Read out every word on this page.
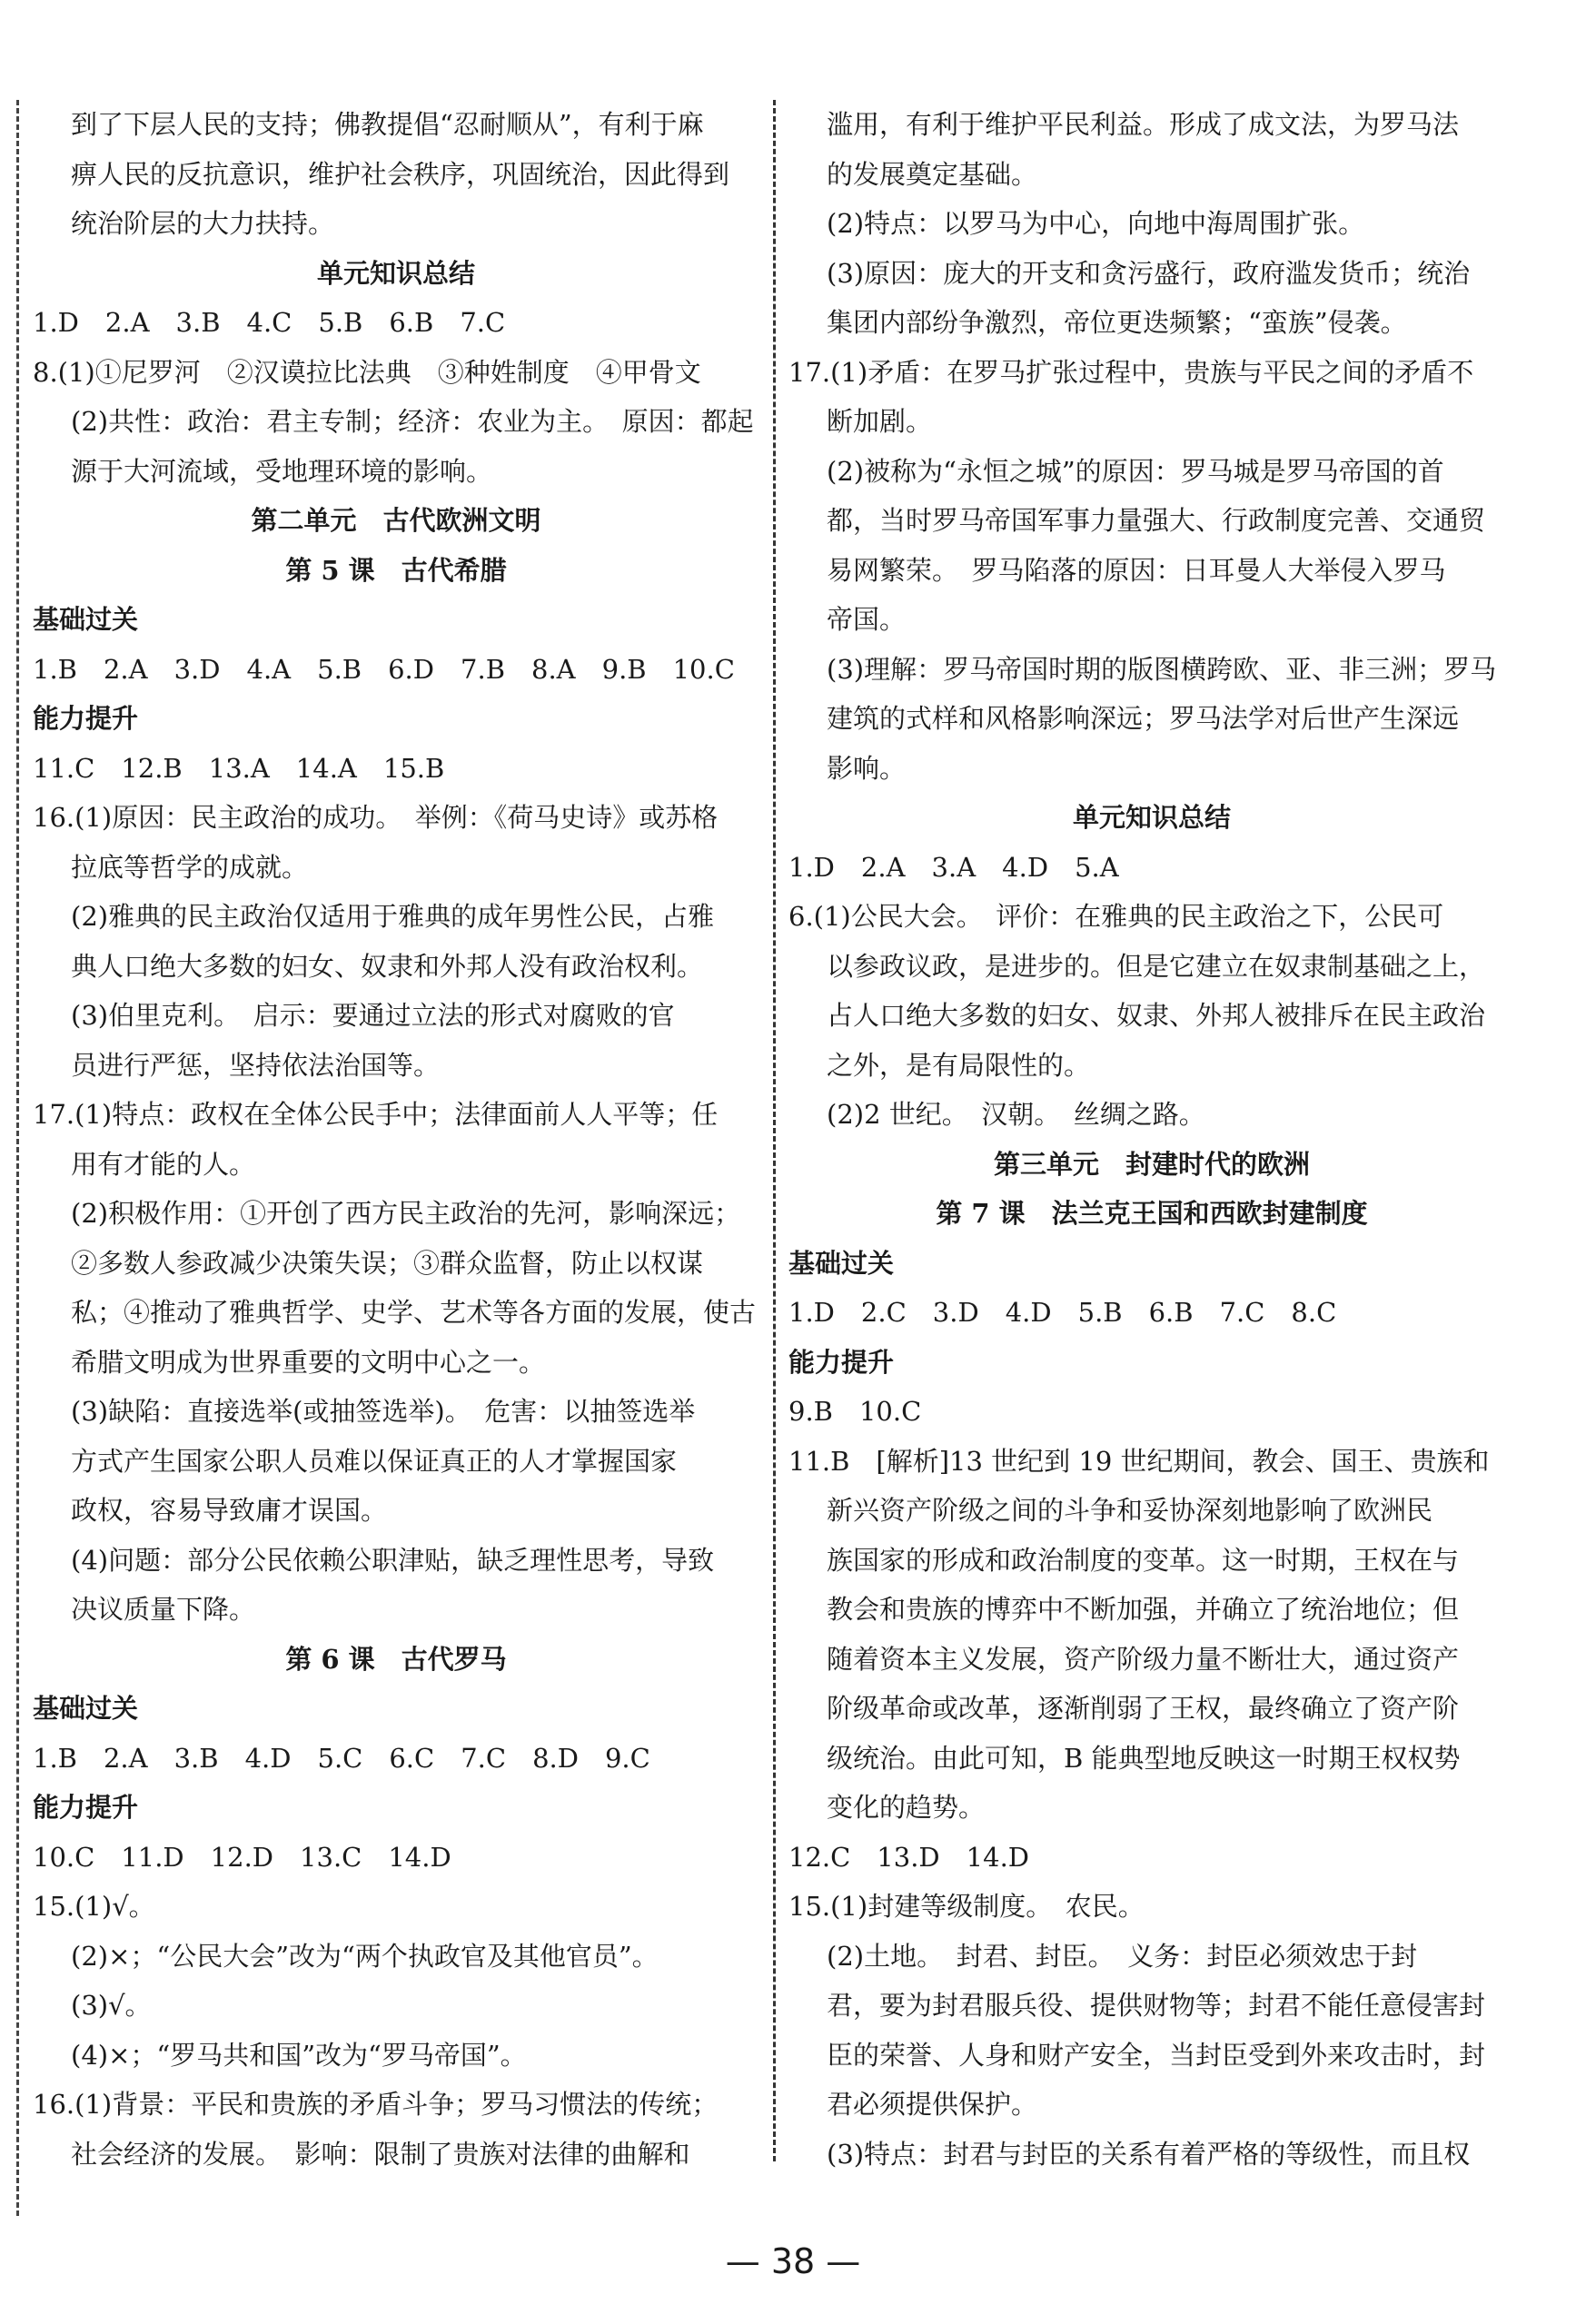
到了下层人民的支持；佛教提倡“忍耐顺从”，有利于麻
痹人民的反抗意识，维护社会秩序，巩固统治，因此得到
统治阶层的大力扶持。
单元知识总结
1.D　2.A　3.B　4.C　5.B　6.B　7.C
8.(1)①尼罗河　②汉谟拉比法典　③种姓制度　④甲骨文
(2)共性：政治：君主专制；经济：农业为主。　原因：都起
源于大河流域，受地理环境的影响。
第二单元　古代欧洲文明
第 5 课　古代希腊
基础过关
1.B　2.A　3.D　4.A　5.B　6.D　7.B　8.A　9.B　10.C
能力提升
11.C　12.B　13.A　14.A　15.B
16.(1)原因：民主政治的成功。　举例：《荷马史诗》或苏格
拉底等哲学的成就。
(2)雅典的民主政治仅适用于雅典的成年男性公民，占雅
典人口绝大多数的妇女、奴隶和外邦人没有政治权利。
(3)伯里克利。　启示：要通过立法的形式对腐败的官
员进行严惩，坚持依法治国等。
17.(1)特点：政权在全体公民手中；法律面前人人平等；任
用有才能的人。
(2)积极作用：①开创了西方民主政治的先河，影响深远；
②多数人参政减少决策失误；③群众监督，防止以权谋
私；④推动了雅典哲学、史学、艺术等各方面的发展，使古
希腊文明成为世界重要的文明中心之一。
(3)缺陷：直接选举(或抽签选举)。　危害：以抽签选举
方式产生国家公职人员难以保证真正的人才掌握国家
政权，容易导致庸才误国。
(4)问题：部分公民依赖公职津贴，缺乏理性思考，导致
决议质量下降。
第 6 课　古代罗马
基础过关
1.B　2.A　3.B　4.D　5.C　6.C　7.C　8.D　9.C
能力提升
10.C　11.D　12.D　13.C　14.D
15.(1)√。
(2)×；“公民大会”改为“两个执政官及其他官员”。
(3)√。
(4)×；“罗马共和国”改为“罗马帝国”。
16.(1)背景：平民和贵族的矛盾斗争；罗马习惯法的传统；
社会经济的发展。　影响：限制了贵族对法律的曲解和
滥用，有利于维护平民利益。形成了成文法，为罗马法
的发展奠定基础。
(2)特点：以罗马为中心，向地中海周围扩张。
(3)原因：庞大的开支和贪污盛行，政府滥发货币；统治
集团内部纷争激烈，帝位更迭频繁；“蛮族”侵袭。
17.(1)矛盾：在罗马扩张过程中，贵族与平民之间的矛盾不
断加剧。
(2)被称为“永恒之城”的原因：罗马城是罗马帝国的首
都，当时罗马帝国军事力量强大、行政制度完善、交通贸
易网繁荣。　罗马陷落的原因：日耳曼人大举侵入罗马
帝国。
(3)理解：罗马帝国时期的版图横跨欧、亚、非三洲；罗马
建筑的式样和风格影响深远；罗马法学对后世产生深远
影响。
单元知识总结
1.D　2.A　3.A　4.D　5.A
6.(1)公民大会。　评价：在雅典的民主政治之下，公民可
以参政议政，是进步的。但是它建立在奴隶制基础之上，
占人口绝大多数的妇女、奴隶、外邦人被排斥在民主政治
之外，是有局限性的。
(2)2 世纪。　汉朝。　丝绸之路。
第三单元　封建时代的欧洲
第 7 课　法兰克王国和西欧封建制度
基础过关
1.D　2.C　3.D　4.D　5.B　6.B　7.C　8.C
能力提升
9.B　10.C
11.B　[解析]13 世纪到 19 世纪期间，教会、国王、贵族和
新兴资产阶级之间的斗争和妥协深刻地影响了欧洲民
族国家的形成和政治制度的变革。这一时期，王权在与
教会和贵族的博弈中不断加强，并确立了统治地位；但
随着资本主义发展，资产阶级力量不断壮大，通过资产
阶级革命或改革，逐渐削弱了王权，最终确立了资产阶
级统治。由此可知，B 能典型地反映这一时期王权权势
变化的趋势。
12.C　13.D　14.D
15.(1)封建等级制度。　农民。
(2)土地。　封君、封臣。　义务：封臣必须效忠于封
君，要为封君服兵役、提供财物等；封君不能任意侵害封
臣的荣誉、人身和财产安全，当封臣受到外来攻击时，封
君必须提供保护。
(3)特点：封君与封臣的关系有着严格的等级性，而且权
— 38 —
